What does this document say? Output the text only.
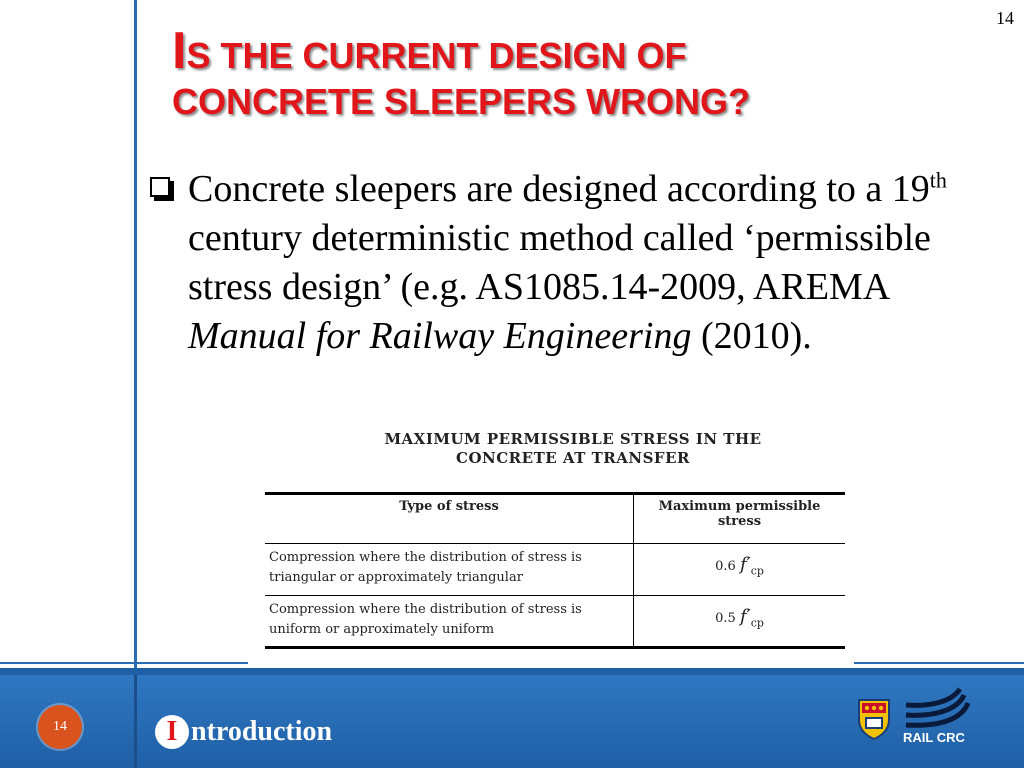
14
IS THE CURRENT DESIGN OF
CONCRETE SLEEPERS WRONG?
Concrete sleepers are designed according to a 19th century deterministic method called ‘permissible stress design’ (e.g. AS1085.14-2009, AREMA Manual for Railway Engineering (2010).
MAXIMUM PERMISSIBLE STRESS IN THE
CONCRETE AT TRANSFER
Type of stress	Maximum permissible stress
Compression where the distribution of stress is triangular or approximately triangular	0.6 $f'_{cp}$
Compression where the distribution of stress is uniform or approximately uniform	0.5 $f'_{cp}$
14	I ntroduction	RAIL CRC
